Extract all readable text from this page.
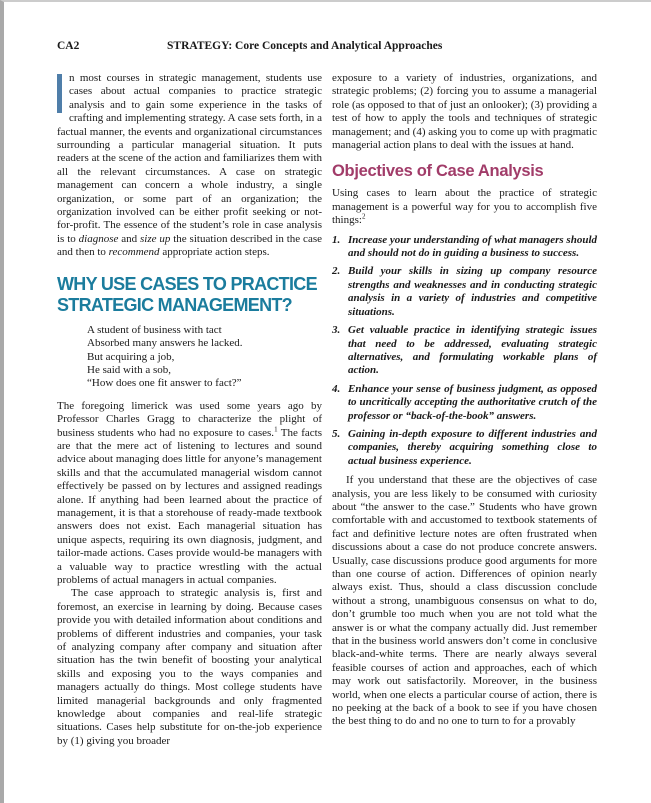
CA2	STRATEGY: Core Concepts and Analytical Approaches

n most courses in strategic management, students use cases about actual companies to practice strategic analysis and to gain some experience in the tasks of crafting and implementing strategy. A case sets forth, in a factual manner, the events and organizational circumstances surrounding a particular managerial situation. It puts readers at the scene of the action and familiarizes them with all the relevant circumstances. A case on strategic management can concern a whole industry, a single organization, or some part of an organization; the organization involved can be either profit seeking or not-for-profit. The essence of the student’s role in case analysis is to diagnose and size up the situation described in the case and then to recommend appropriate action steps.

WHY USE CASES TO PRACTICE
STRATEGIC MANAGEMENT?
A student of business with tact
Absorbed many answers he lacked.
But acquiring a job,
He said with a sob,
“How does one fit answer to fact?”

The foregoing limerick was used some years ago by Professor Charles Gragg to characterize the plight of business students who had no exposure to cases.$^1$ The facts are that the mere act of listening to lectures and sound advice about managing does little for anyone’s management skills and that the accumulated managerial wisdom cannot effectively be passed on by lectures and assigned readings alone. If anything had been learned about the practice of management, it is that a storehouse of ready-made textbook answers does not exist. Each managerial situation has unique aspects, requiring its own diagnosis, judgment, and tailor-made actions. Cases provide would-be managers with a valuable way to practice wrestling with the actual problems of actual managers in actual companies.

The case approach to strategic analysis is, first and foremost, an exercise in learning by doing. Because cases provide you with detailed information about conditions and problems of different industries and companies, your task of analyzing company after company and situation after situation has the twin benefit of boosting your analytical skills and exposing you to the ways companies and managers actually do things. Most college students have limited managerial backgrounds and only fragmented knowledge about companies and real-life strategic situations. Cases help substitute for on-the-job experience by (1) giving you broader

exposure to a variety of industries, organizations, and strategic problems; (2) forcing you to assume a managerial role (as opposed to that of just an onlooker); (3) providing a test of how to apply the tools and techniques of strategic management; and (4) asking you to come up with pragmatic managerial action plans to deal with the issues at hand.

Objectives of Case Analysis

Using cases to learn about the practice of strategic management is a powerful way for you to accomplish five things:$^2$

1. Increase your understanding of what managers should and should not do in guiding a business to success.
2. Build your skills in sizing up company resource strengths and weaknesses and in conducting strategic analysis in a variety of industries and competitive situations.
3. Get valuable practice in identifying strategic issues that need to be addressed, evaluating strategic alternatives, and formulating workable plans of action.
4. Enhance your sense of business judgment, as opposed to uncritically accepting the authoritative crutch of the professor or “back-of-the-book” answers.
5. Gaining in-depth exposure to different industries and companies, thereby acquiring something close to actual business experience.

If you understand that these are the objectives of case analysis, you are less likely to be consumed with curiosity about “the answer to the case.” Students who have grown comfortable with and accustomed to textbook statements of fact and definitive lecture notes are often frustrated when discussions about a case do not produce concrete answers. Usually, case discussions produce good arguments for more than one course of action. Differences of opinion nearly always exist. Thus, should a class discussion conclude without a strong, unambiguous consensus on what to do, don’t grumble too much when you are not told what the answer is or what the company actually did. Just remember that in the business world answers don’t come in conclusive black-and-white terms. There are nearly always several feasible courses of action and approaches, each of which may work out satisfactorily. Moreover, in the business world, when one elects a particular course of action, there is no peeking at the back of a book to see if you have chosen the best thing to do and no one to turn to for a provably
